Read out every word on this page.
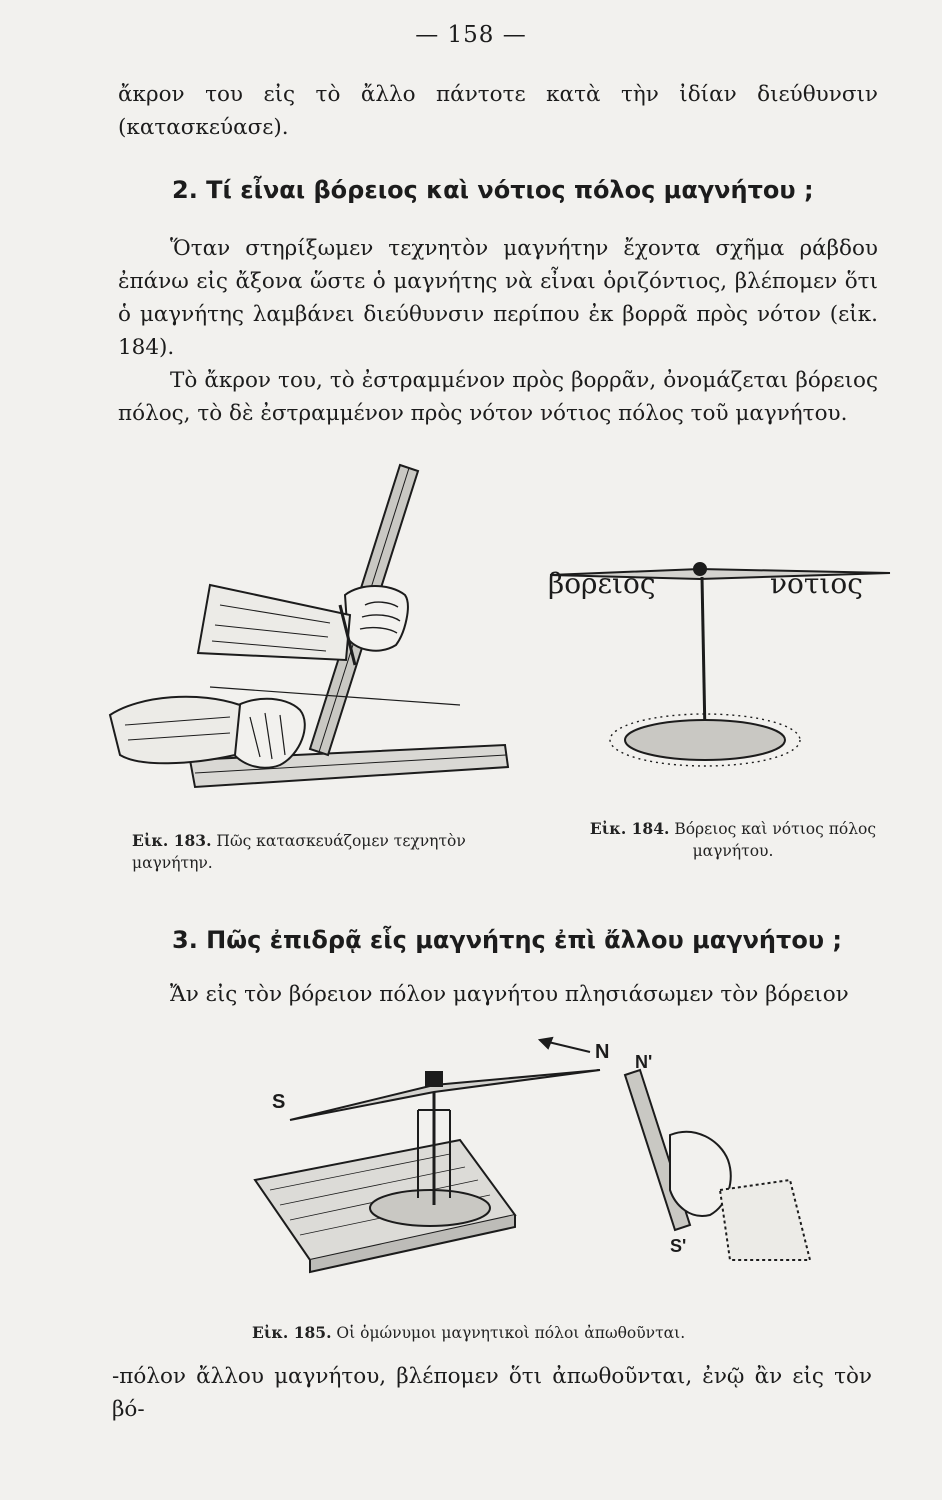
— 158 —

ἄκρον του εἰς τὸ ἄλλο πάντοτε κατὰ τὴν ἰδίαν διεύθυνσιν (κατασκεύασε).

2. Τί εἶναι βόρειος καὶ νότιος πόλος μαγνήτου ;

Ὅταν στηρίξωμεν τεχνητὸν μαγνήτην ἔχοντα σχῆμα ράβδου ἐπάνω εἰς ἄξονα ὥστε ὁ μαγνήτης νὰ εἶναι ὁριζόντιος, βλέπομεν ὅτι ὁ μαγνήτης λαμβάνει διεύθυνσιν περίπου ἐκ βορρᾶ πρὸς νότον (εἰκ. 184).

Τὸ ἄκρον του, τὸ ἐστραμμένον πρὸς βορρᾶν, ὀνομάζεται βόρειος πόλος, τὸ δὲ ἐστραμμένον πρὸς νότον νότιος πόλος τοῦ μαγνήτου.

Εἰκ. 183. Πῶς κατασκευάζομεν τεχνητὸν μαγνήτην.
βορειος	νοτιος
Εἰκ. 184. Βόρειος καὶ νότιος πόλος μαγνήτου.
3. Πῶς ἐπιδρᾷ εἷς μαγνήτης ἐπὶ ἄλλου μαγνήτου ;

Ἄν εἰς τὸν βόρειον πόλον μαγνήτου πλησιάσωμεν τὸν βόρειον

S
N N'
S'
Εἰκ. 185. Οἱ ὁμώνυμοι μαγνητικοὶ πόλοι ἀπωθοῦνται.

-πόλον ἄλλου μαγνήτου, βλέπομεν ὅτι ἀπωθοῦνται, ἐνῷ ἂν εἰς τὸν βό-
